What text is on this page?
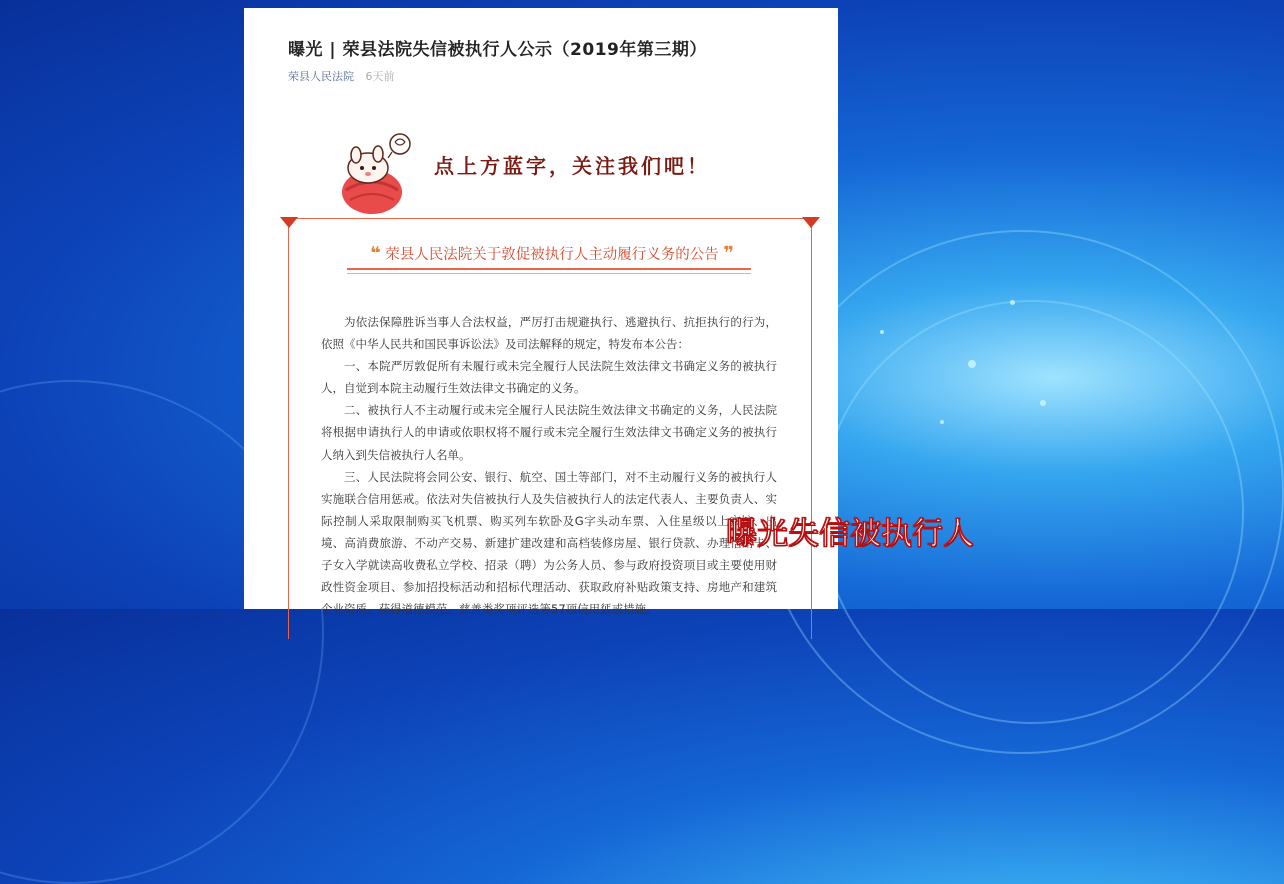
曝光 | 荣县法院失信被执行人公示（2019年第三期）
荣县人民法院 6天前
点上方蓝字，关注我们吧！
❝ 荣县人民法院关于敦促被执行人主动履行义务的公告 ❞

为依法保障胜诉当事人合法权益，严厉打击规避执行、逃避执行、抗拒执行的行为，依照《中华人民共和国民事诉讼法》及司法解释的规定，特发布本公告：

一、本院严厉敦促所有未履行或未完全履行人民法院生效法律文书确定义务的被执行人，自觉到本院主动履行生效法律文书确定的义务。

二、被执行人不主动履行或未完全履行人民法院生效法律文书确定的义务，人民法院将根据申请执行人的申请或依职权将不履行或未完全履行生效法律文书确定义务的被执行人纳入到失信被执行人名单。

三、人民法院将会同公安、银行、航空、国土等部门，对不主动履行义务的被执行人实施联合信用惩戒。依法对失信被执行人及失信被执行人的法定代表人、主要负责人、实际控制人采取限制购买飞机票、购买列车软卧及G字头动车票、入住星级以上宾馆、出境、高消费旅游、不动产交易、新建扩建改建和高档装修房屋、银行贷款、办理信用卡、子女入学就读高收费私立学校、招录（聘）为公务人员、参与政府投资项目或主要使用财政性资金项目、参加招投标活动和招标代理活动、获取政府补贴政策支持、房地产和建筑企业资质、获得道德模范、慈善类奖项评选等57项信用惩戒措施。

曝光失信被执行人
